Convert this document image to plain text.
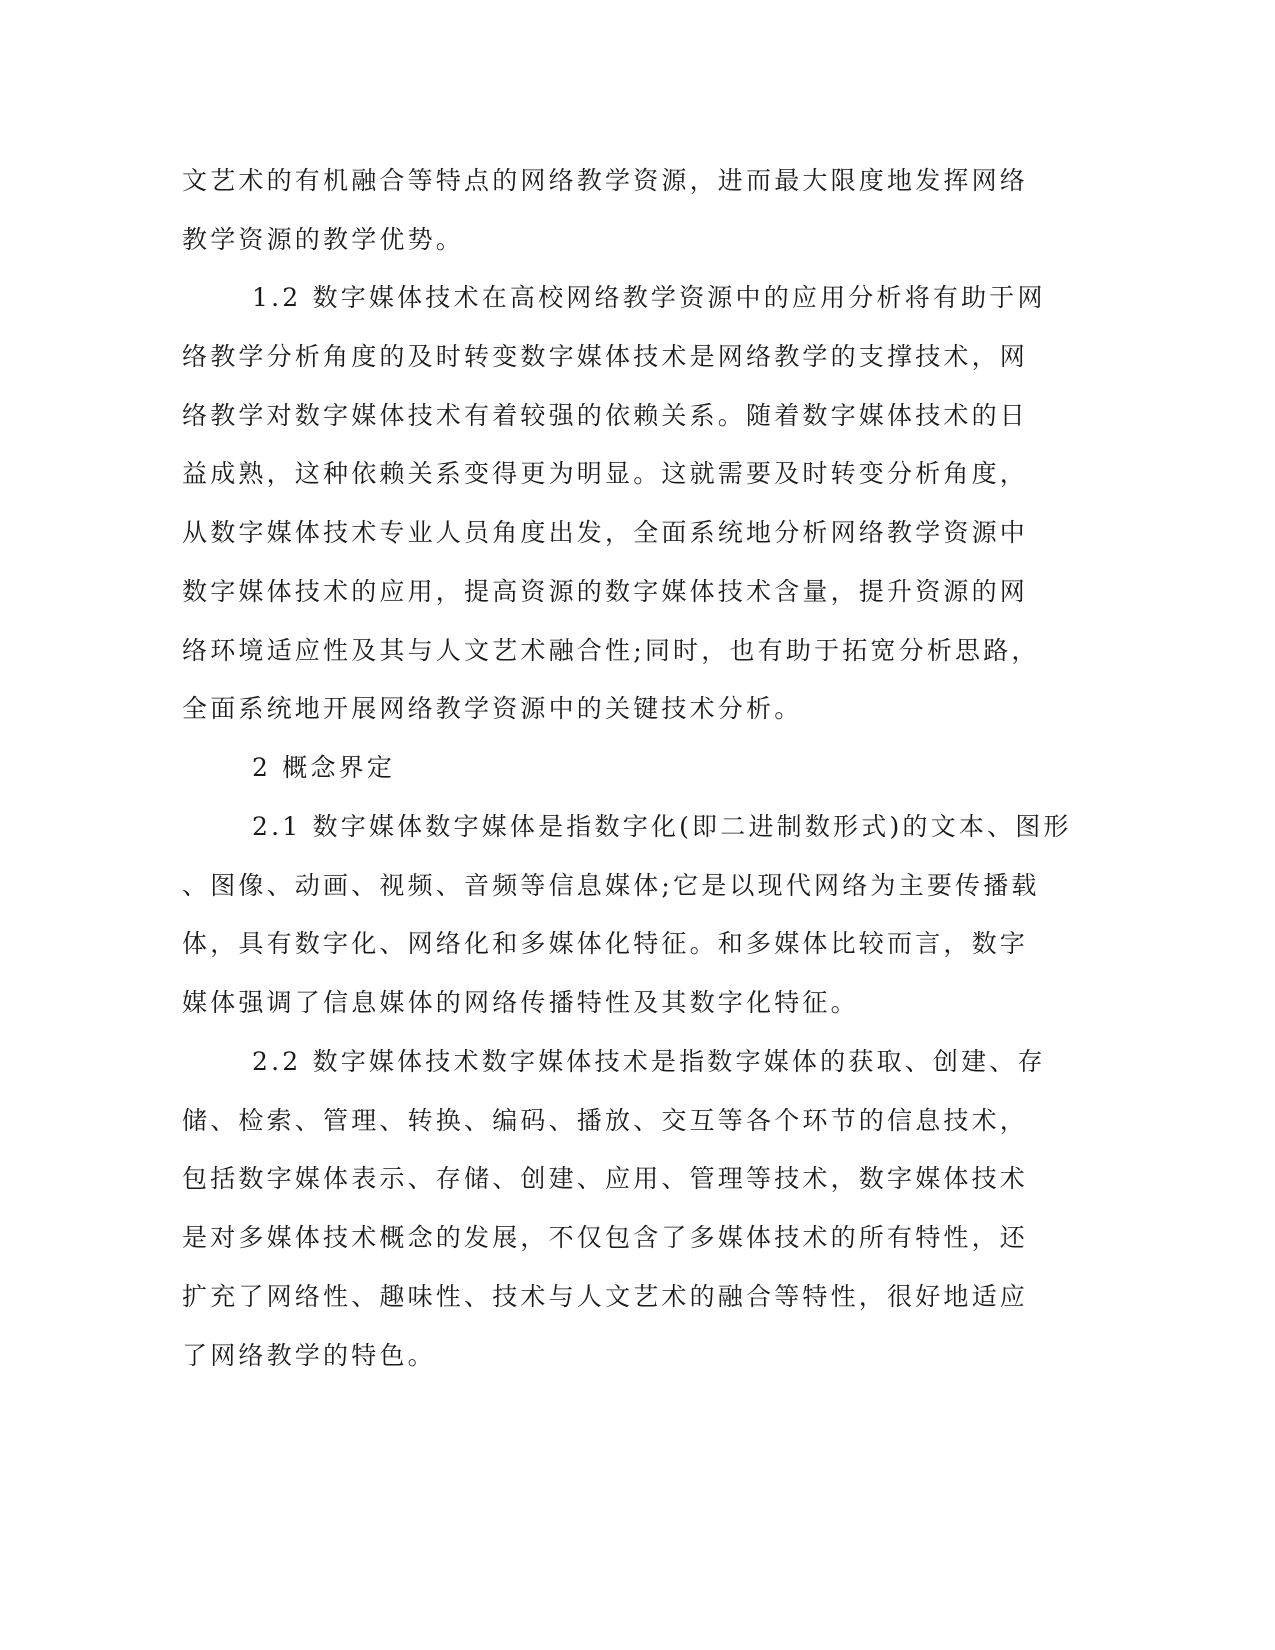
文艺术的有机融合等特点的网络教学资源，进而最大限度地发挥网络
教学资源的教学优势。
1.2 数字媒体技术在高校网络教学资源中的应用分析将有助于网
络教学分析角度的及时转变数字媒体技术是网络教学的支撑技术，网
络教学对数字媒体技术有着较强的依赖关系。随着数字媒体技术的日
益成熟，这种依赖关系变得更为明显。这就需要及时转变分析角度，
从数字媒体技术专业人员角度出发，全面系统地分析网络教学资源中
数字媒体技术的应用，提高资源的数字媒体技术含量，提升资源的网
络环境适应性及其与人文艺术融合性;同时，也有助于拓宽分析思路，
全面系统地开展网络教学资源中的关键技术分析。
2 概念界定
2.1 数字媒体数字媒体是指数字化(即二进制数形式)的文本、图形
、图像、动画、视频、音频等信息媒体;它是以现代网络为主要传播载
体，具有数字化、网络化和多媒体化特征。和多媒体比较而言，数字
媒体强调了信息媒体的网络传播特性及其数字化特征。
2.2 数字媒体技术数字媒体技术是指数字媒体的获取、创建、存
储、检索、管理、转换、编码、播放、交互等各个环节的信息技术，
包括数字媒体表示、存储、创建、应用、管理等技术，数字媒体技术
是对多媒体技术概念的发展，不仅包含了多媒体技术的所有特性，还
扩充了网络性、趣味性、技术与人文艺术的融合等特性，很好地适应
了网络教学的特色。
